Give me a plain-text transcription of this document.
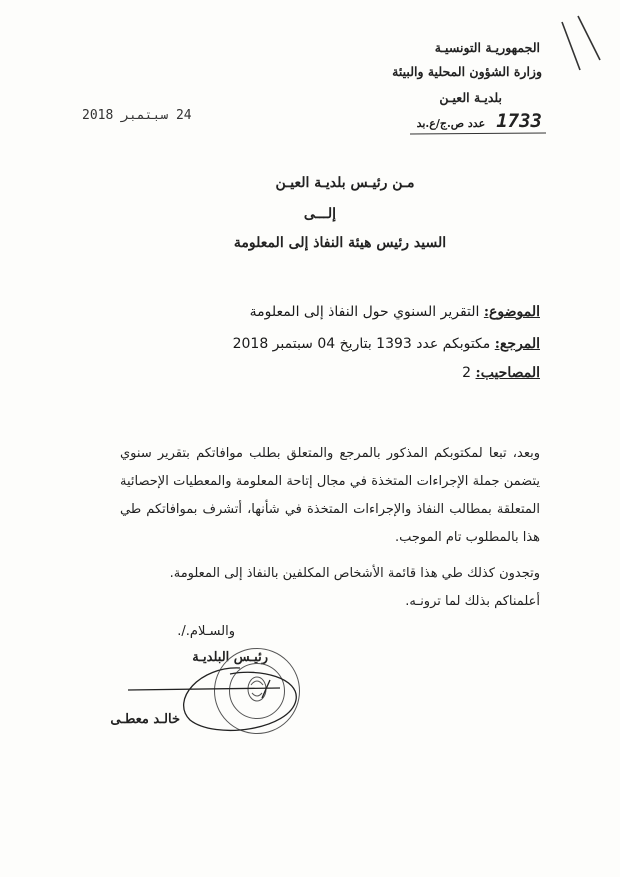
الجمهوريـة التونسيـة
وزارة الشؤون المحلية والبيئة
بلديـة العيـن
1733 عدد ص.ج/ع.بد
24 سبتمبر 2018
مـن رئيـس بلديـة العيـن
إلـــى
السيد رئيس هيئة النفاذ إلى المعلومة
الموضوع: التقرير السنوي حول النفاذ إلى المعلومة
المرجع: مكتوبكم عدد 1393 بتاريخ 04 سبتمبر 2018
المصاحيب: 2
وبعد، تبعا لمكتوبكم المذكور بالمرجع والمتعلق بطلب موافاتكم بتقرير سنوي يتضمن جملة الإجراءات المتخذة في مجال إتاحة المعلومة والمعطيات الإحصائية المتعلقة بمطالب النفاذ والإجراءات المتخذة في شأنها، أتشرف بموافاتكم طي هذا بالمطلوب تام الموجب.
وتجدون كذلك طي هذا قائمة الأشخاص المكلفين بالنفاذ إلى المعلومة.
أعلمناكم بذلك لما ترونـه.
والسـلام./.
رئيـس البلديـة
خالـد معطـى
